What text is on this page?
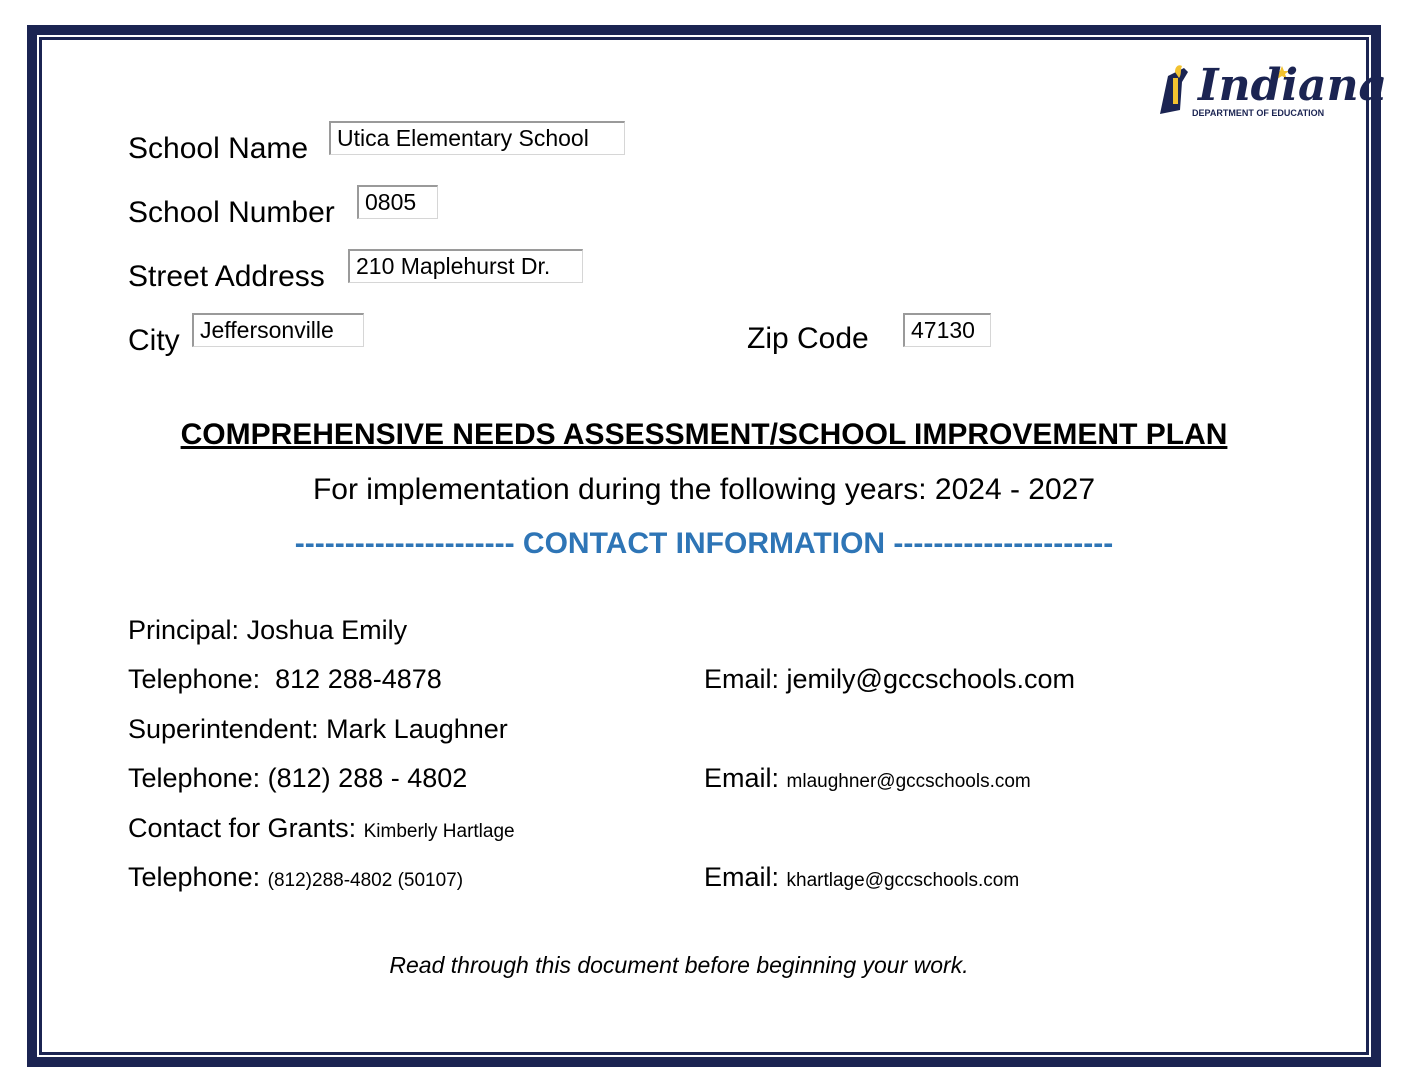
Indiana
DEPARTMENT OF EDUCATION
School Name	Utica Elementary School
School Number	0805
Street Address	210 Maplehurst Dr.
City Jeffersonville	Zip Code	47130
COMPREHENSIVE NEEDS ASSESSMENT/SCHOOL IMPROVEMENT PLAN
For implementation during the following years: 2024 - 2027
---------------------- CONTACT INFORMATION ----------------------
Principal: Joshua Emily
Telephone: 812 288-4878	Email: jemily@gccschools.com
Superintendent: Mark Laughner
Telephone: (812) 288 - 4802	Email: mlaughner@gccschools.com
Contact for Grants: Kimberly Hartlage
Telephone: (812)288-4802 (50107)	Email: khartlage@gccschools.com
Read through this document before beginning your work.
